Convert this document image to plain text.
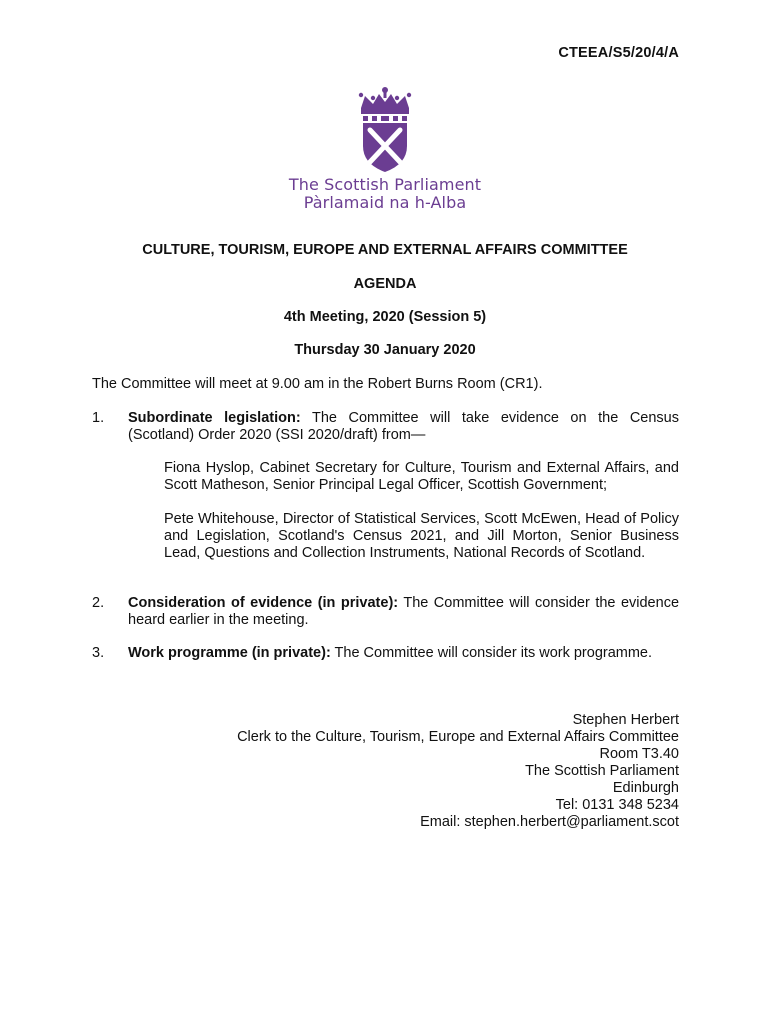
CTEEA/S5/20/4/A
The Scottish Parliament
Pàrlamaid na h-Alba
CULTURE, TOURISM, EUROPE AND EXTERNAL AFFAIRS COMMITTEE
AGENDA
4th Meeting, 2020 (Session 5)
Thursday 30 January 2020
The Committee will meet at 9.00 am in the Robert Burns Room (CR1).
1. Subordinate legislation: The Committee will take evidence on the Census (Scotland) Order 2020 (SSI 2020/draft) from—
Fiona Hyslop, Cabinet Secretary for Culture, Tourism and External Affairs, and Scott Matheson, Senior Principal Legal Officer, Scottish Government;
Pete Whitehouse, Director of Statistical Services, Scott McEwen, Head of Policy and Legislation, Scotland's Census 2021, and Jill Morton, Senior Business Lead, Questions and Collection Instruments, National Records of Scotland.
2. Consideration of evidence (in private): The Committee will consider the evidence heard earlier in the meeting.
3. Work programme (in private): The Committee will consider its work programme.
Stephen Herbert
Clerk to the Culture, Tourism, Europe and External Affairs Committee
Room T3.40
The Scottish Parliament
Edinburgh
Tel: 0131 348 5234
Email: stephen.herbert@parliament.scot
